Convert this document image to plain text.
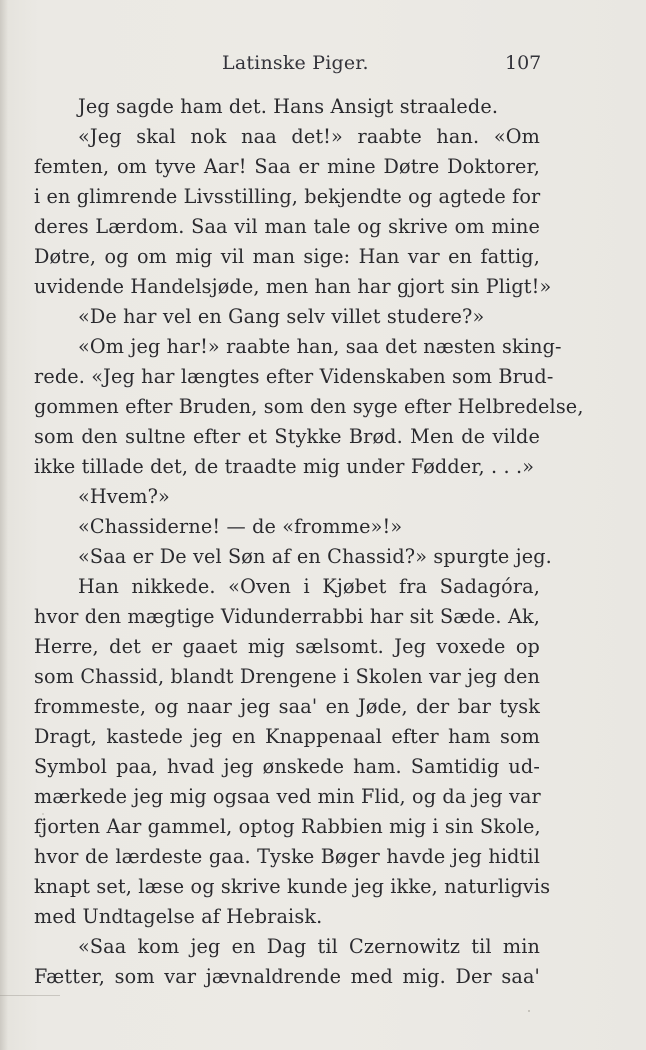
Latinske Piger.	107
Jeg sagde ham det. Hans Ansigt straalede.
«Jeg skal nok naa det!» raabte han. «Om
femten, om tyve Aar! Saa er mine Døtre Doktorer,
i en glimrende Livsstilling, bekjendte og agtede for
deres Lærdom. Saa vil man tale og skrive om mine
Døtre, og om mig vil man sige: Han var en fattig,
uvidende Handelsjøde, men han har gjort sin Pligt!»
«De har vel en Gang selv villet studere?»
«Om jeg har!» raabte han, saa det næsten sking-
rede. «Jeg har længtes efter Videnskaben som Brud-
gommen efter Bruden, som den syge efter Helbredelse,
som den sultne efter et Stykke Brød. Men de vilde
ikke tillade det, de traadte mig under Fødder, . . .»
«Hvem?»
«Chassiderne! — de «fromme»!»
«Saa er De vel Søn af en Chassid?» spurgte jeg.
Han nikkede. «Oven i Kjøbet fra Sadagóra,
hvor den mægtige Vidunderrabbi har sit Sæde. Ak,
Herre, det er gaaet mig sælsomt. Jeg voxede op
som Chassid, blandt Drengene i Skolen var jeg den
frommeste, og naar jeg saa' en Jøde, der bar tysk
Dragt, kastede jeg en Knappenaal efter ham som
Symbol paa, hvad jeg ønskede ham. Samtidig ud-
mærkede jeg mig ogsaa ved min Flid, og da jeg var
fjorten Aar gammel, optog Rabbien mig i sin Skole,
hvor de lærdeste gaa. Tyske Bøger havde jeg hidtil
knapt set, læse og skrive kunde jeg ikke, naturligvis
med Undtagelse af Hebraisk.
«Saa kom jeg en Dag til Czernowitz til min
Fætter, som var jævnaldrende med mig. Der saa'
